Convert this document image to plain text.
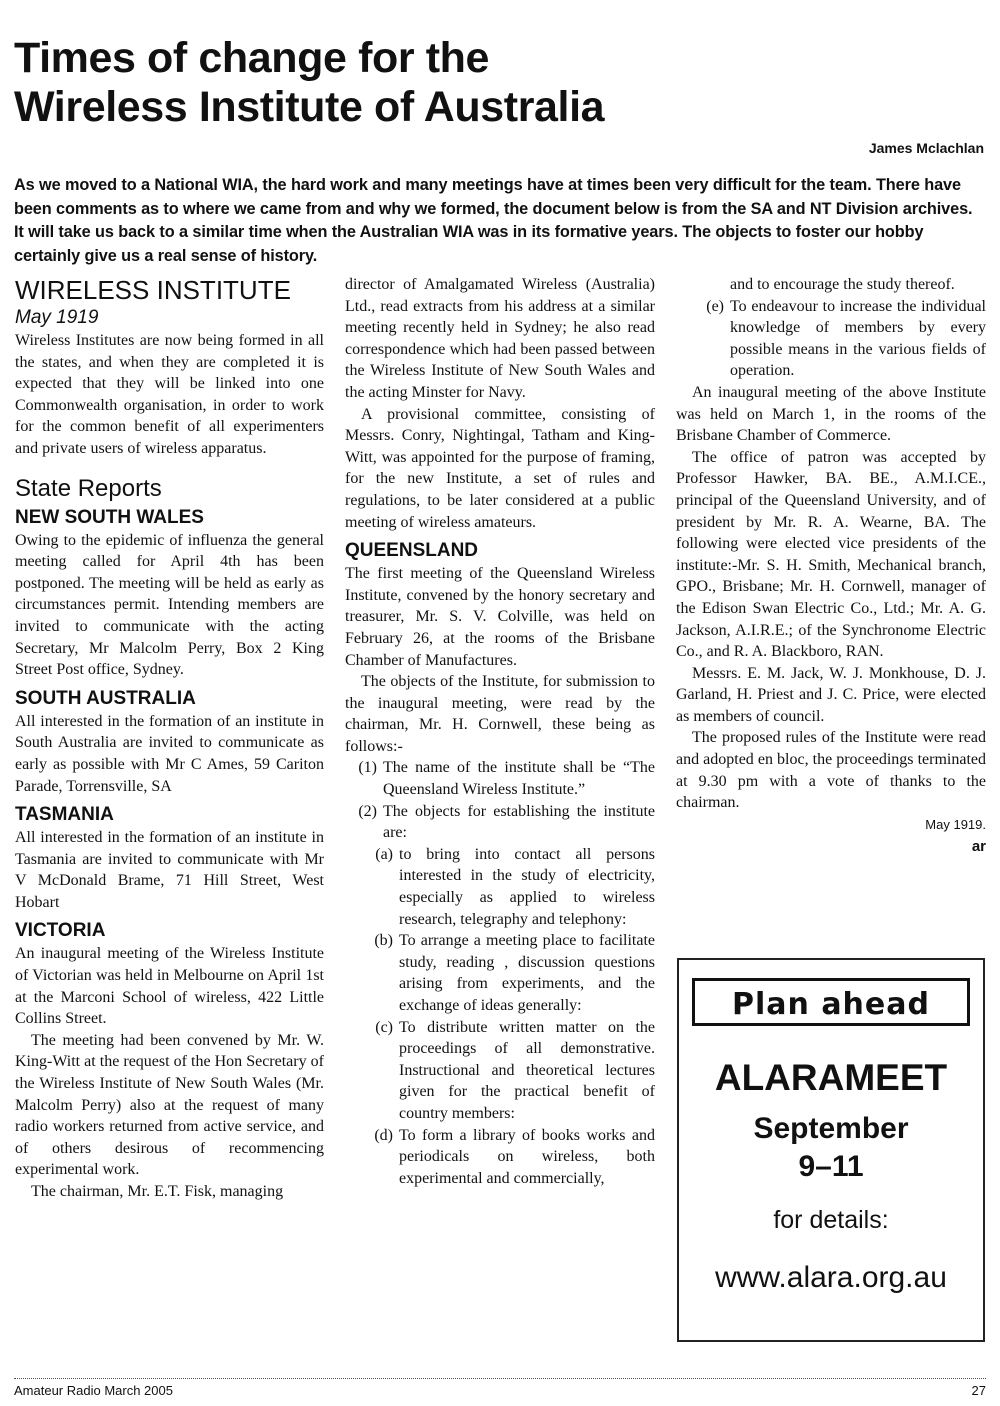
Times of change for the
Wireless Institute of Australia
James Mclachlan

As we moved to a National WIA, the hard work and many meetings have at times been very difficult for the team. There have been comments as to where we came from and why we formed, the document below is from the SA and NT Division archives. It will take us back to a similar time when the Australian WIA was in its formative years. The objects to foster our hobby certainly give us a real sense of history.

WIRELESS INSTITUTE
May 1919

Wireless Institutes are now being formed in all the states, and when they are completed it is expected that they will be linked into one Commonwealth organisation, in order to work for the common benefit of all experimenters and private users of wireless apparatus.

State Reports
NEW SOUTH WALES

Owing to the epidemic of influenza the general meeting called for April 4th has been postponed. The meeting will be held as early as circumstances permit. Intending members are invited to communicate with the acting Secretary, Mr Malcolm Perry, Box 2 King Street Post office, Sydney.

SOUTH AUSTRALIA

All interested in the formation of an institute in South Australia are invited to communicate as early as possible with Mr C Ames, 59 Cariton Parade, Torrensville, SA

TASMANIA

All interested in the formation of an institute in Tasmania are invited to communicate with Mr V McDonald Brame, 71 Hill Street, West Hobart

VICTORIA

An inaugural meeting of the Wireless Institute of Victorian was held in Melbourne on April 1st at the Marconi School of wireless, 422 Little Collins Street.

The meeting had been convened by Mr. W. King-Witt at the request of the Hon Secretary of the Wireless Institute of New South Wales (Mr. Malcolm Perry) also at the request of many radio workers returned from active service, and of others desirous of recommencing experimental work.

The chairman, Mr. E.T. Fisk, managing

director of Amalgamated Wireless (Australia) Ltd., read extracts from his address at a similar meeting recently held in Sydney; he also read correspondence which had been passed between the Wireless Institute of New South Wales and the acting Minster for Navy.

A provisional committee, consisting of Messrs. Conry, Nightingal, Tatham and King-Witt, was appointed for the purpose of framing, for the new Institute, a set of rules and regulations, to be later considered at a public meeting of wireless amateurs.

QUEENSLAND

The first meeting of the Queensland Wireless Institute, convened by the honory secretary and treasurer, Mr. S. V. Colville, was held on February 26, at the rooms of the Brisbane Chamber of Manufactures.

The objects of the Institute, for submission to the inaugural meeting, were read by the chairman, Mr. H. Cornwell, these being as follows:-

(1) The name of the institute shall be “The Queensland Wireless Institute.”
(2) The objects for establishing the institute are:
(a) to bring into contact all persons interested in the study of electricity, especially as applied to wireless research, telegraphy and telephony:
(b) To arrange a meeting place to facilitate study, reading , discussion questions arising from experiments, and the exchange of ideas generally:
(c) To distribute written matter on the proceedings of all demonstrative. Instructional and theoretical lectures given for the practical benefit of country members:
(d) To form a library of books works and periodicals on wireless, both experimental and commercially,

and to encourage the study thereof.

(e) To endeavour to increase the individual knowledge of members by every possible means in the various fields of operation.

An inaugural meeting of the above Institute was held on March 1, in the rooms of the Brisbane Chamber of Commerce.

The office of patron was accepted by Professor Hawker, BA. BE., A.M.I.CE., principal of the Queensland University, and of president by Mr. R. A. Wearne, BA. The following were elected vice presidents of the institute:-Mr. S. H. Smith, Mechanical branch, GPO., Brisbane; Mr. H. Cornwell, manager of the Edison Swan Electric Co., Ltd.; Mr. A. G. Jackson, A.I.R.E.; of the Synchronome Electric Co., and R. A. Blackboro, RAN.

Messrs. E. M. Jack, W. J. Monkhouse, D. J. Garland, H. Priest and J. C. Price, were elected as members of council.

The proposed rules of the Institute were read and adopted en bloc, the proceedings terminated at 9.30 pm with a vote of thanks to the chairman.

May 1919.
ar
Plan ahead
ALARAMEET
September
9–11
for details:
www.alara.org.au
Amateur Radio March 2005	27
